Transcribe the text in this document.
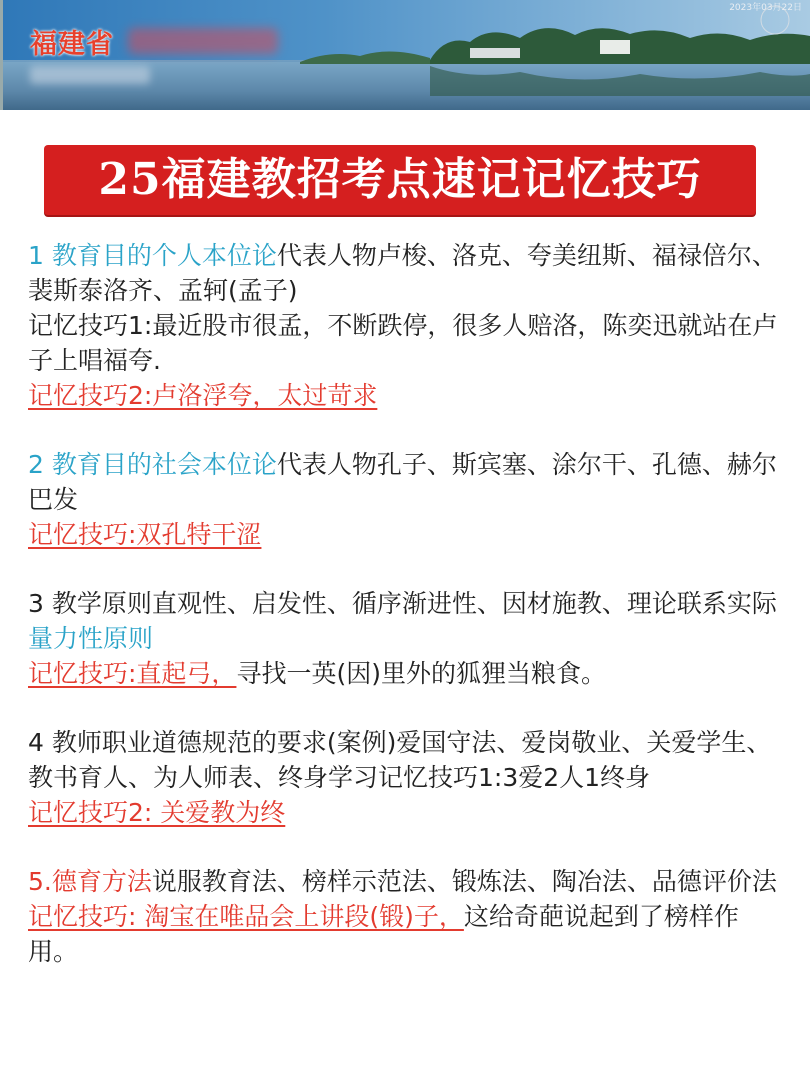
福建省
2023年03月22日
25福建教招考点速记记忆技巧

1 教育目的个人本位论代表人物卢梭、洛克、夸美纽斯、福禄倍尔、裴斯泰洛齐、孟轲(孟子)

记忆技巧1:最近股市很孟，不断跌停，很多人赔洛，陈奕迅就站在卢子上唱福夸.

记忆技巧2:卢洛浮夸，太过苛求

2 教育目的社会本位论代表人物孔子、斯宾塞、涂尔干、孔德、赫尔巴发

记忆技巧:双孔特干涩

3 教学原则直观性、启发性、循序渐进性、因材施教、理论联系实际量力性原则

记忆技巧:直起弓，寻找一英(因)里外的狐狸当粮食。

4 教师职业道德规范的要求(案例)爱国守法、爱岗敬业、关爱学生、教书育人、为人师表、终身学习记忆技巧1:3爱2人1终身

记忆技巧2: 关爱教为终

5.德育方法说服教育法、榜样示范法、锻炼法、陶冶法、品德评价法

记忆技巧: 淘宝在唯品会上讲段(锻)子，这给奇葩说起到了榜样作用。
